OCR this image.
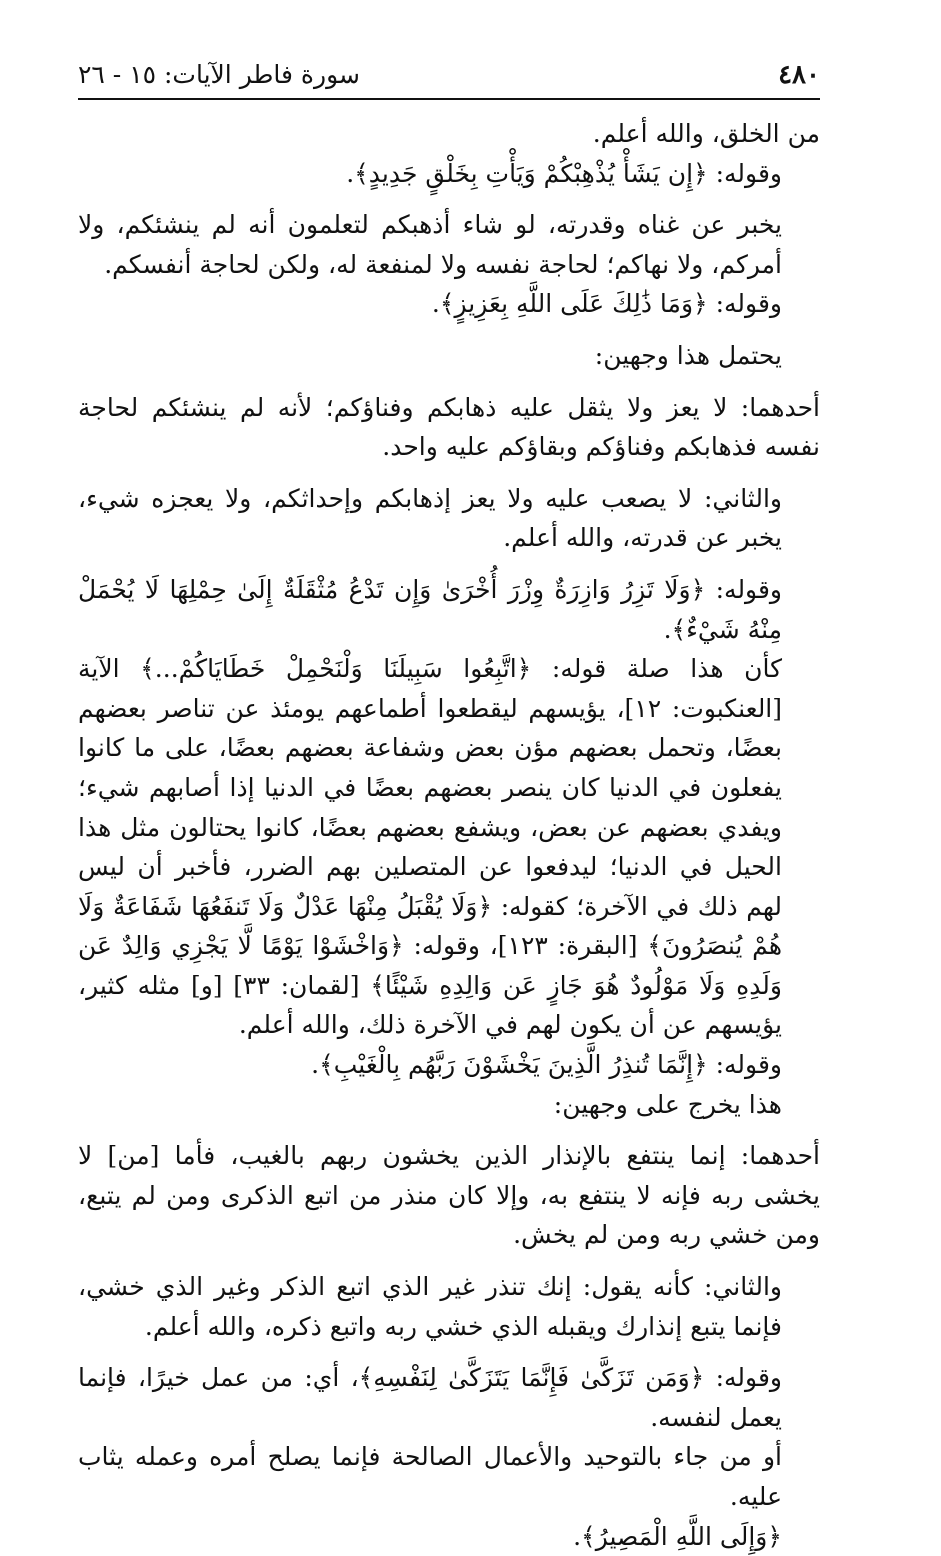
٤٨٠
سورة فاطر الآيات: ١٥ - ٢٦

من الخلق، والله أعلم.

وقوله: ﴿إِن يَشَأْ يُذْهِبْكُمْ وَيَأْتِ بِخَلْقٍ جَدِيدٍ﴾.

يخبر عن غناه وقدرته، لو شاء أذهبكم لتعلمون أنه لم ينشئكم، ولا أمركم، ولا نهاكم؛ لحاجة نفسه ولا لمنفعة له، ولكن لحاجة أنفسكم.

وقوله: ﴿وَمَا ذَٰلِكَ عَلَى اللَّهِ بِعَزِيزٍ﴾.

يحتمل هذا وجهين:

أحدهما: لا يعز ولا يثقل عليه ذهابكم وفناؤكم؛ لأنه لم ينشئكم لحاجة نفسه فذهابكم وفناؤكم وبقاؤكم عليه واحد.

والثاني: لا يصعب عليه ولا يعز إذهابكم وإحداثكم، ولا يعجزه شيء، يخبر عن قدرته، والله أعلم.

وقوله: ﴿وَلَا تَزِرُ وَازِرَةٌ وِزْرَ أُخْرَىٰ وَإِن تَدْعُ مُثْقَلَةٌ إِلَىٰ حِمْلِهَا لَا يُحْمَلْ مِنْهُ شَيْءٌ﴾.

كأن هذا صلة قوله: ﴿اتَّبِعُوا سَبِيلَنَا وَلْنَحْمِلْ خَطَايَاكُمْ...﴾ الآية [العنكبوت: ١٢]، يؤيسهم ليقطعوا أطماعهم يومئذ عن تناصر بعضهم بعضًا، وتحمل بعضهم مؤن بعض وشفاعة بعضهم بعضًا، على ما كانوا يفعلون في الدنيا كان ينصر بعضهم بعضًا في الدنيا إذا أصابهم شيء؛ ويفدي بعضهم عن بعض، ويشفع بعضهم بعضًا، كانوا يحتالون مثل هذا الحيل في الدنيا؛ ليدفعوا عن المتصلين بهم الضرر، فأخبر أن ليس لهم ذلك في الآخرة؛ كقوله: ﴿وَلَا يُقْبَلُ مِنْهَا عَدْلٌ وَلَا تَنفَعُهَا شَفَاعَةٌ وَلَا هُمْ يُنصَرُونَ﴾ [البقرة: ١٢٣]، وقوله: ﴿وَاخْشَوْا يَوْمًا لَّا يَجْزِي وَالِدٌ عَن وَلَدِهِ وَلَا مَوْلُودٌ هُوَ جَازٍ عَن وَالِدِهِ شَيْئًا﴾ [لقمان: ٣٣] [و] مثله كثير، يؤيسهم عن أن يكون لهم في الآخرة ذلك، والله أعلم.

وقوله: ﴿إِنَّمَا تُنذِرُ الَّذِينَ يَخْشَوْنَ رَبَّهُم بِالْغَيْبِ﴾.

هذا يخرج على وجهين:

أحدهما: إنما ينتفع بالإنذار الذين يخشون ربهم بالغيب، فأما [من] لا يخشى ربه فإنه لا ينتفع به، وإلا كان منذر من اتبع الذكرى ومن لم يتبع، ومن خشي ربه ومن لم يخش.

والثاني: كأنه يقول: إنك تنذر غير الذي اتبع الذكر وغير الذي خشي، فإنما يتبع إنذارك ويقبله الذي خشي ربه واتبع ذكره، والله أعلم.

وقوله: ﴿وَمَن تَزَكَّىٰ فَإِنَّمَا يَتَزَكَّىٰ لِنَفْسِهِ﴾، أي: من عمل خيرًا، فإنما يعمل لنفسه.

أو من جاء بالتوحيد والأعمال الصالحة فإنما يصلح أمره وعمله يثاب عليه.

﴿وَإِلَى اللَّهِ الْمَصِيرُ﴾.
